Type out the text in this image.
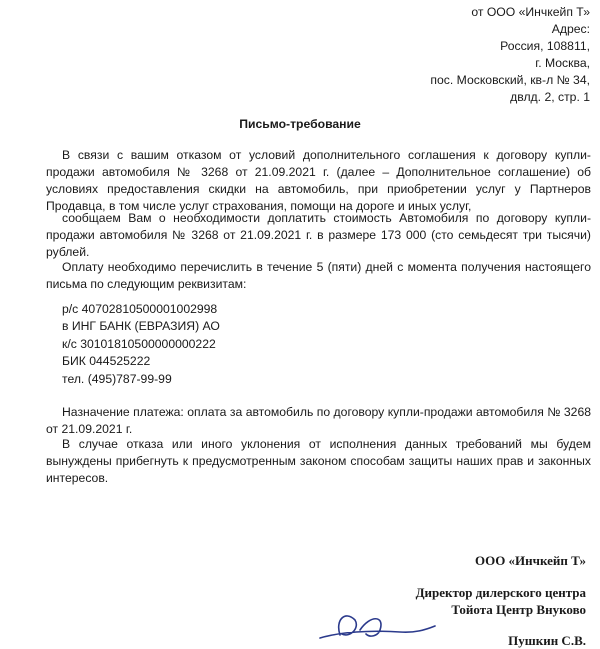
от ООО «Инчкейп Т»
Адрес:
Россия, 108811,
г. Москва,
пос. Московский, кв-л № 34,
двлд. 2, стр. 1
Письмо-требование
В связи с вашим отказом от условий дополнительного соглашения к договору купли-продажи автомобиля № 3268 от 21.09.2021 г. (далее – Дополнительное соглашение) об условиях предоставления скидки на автомобиль, при приобретении услуг у Партнеров Продавца, в том числе услуг страхования, помощи на дороге и иных услуг,
сообщаем Вам о необходимости доплатить стоимость Автомобиля по договору купли-продажи автомобиля № 3268 от 21.09.2021 г. в размере 173 000 (сто семьдесят три тысячи) рублей.
Оплату необходимо перечислить в течение 5 (пяти) дней с момента получения настоящего письма по следующим реквизитам:
р/с 40702810500001002998
в ИНГ БАНК (ЕВРАЗИЯ) АО
к/с 30101810500000000222
БИК 044525222
тел. (495)787-99-99
Назначение платежа: оплата за автомобиль по договору купли-продажи автомобиля № 3268 от 21.09.2021 г.
В случае отказа или иного уклонения от исполнения данных требований мы будем вынуждены прибегнуть к предусмотренным законом способам защиты наших прав и законных интересов.
ООО «Инчкейп Т»
Директор дилерского центра
Тойота Центр Внуково
Пушкин С.В.
